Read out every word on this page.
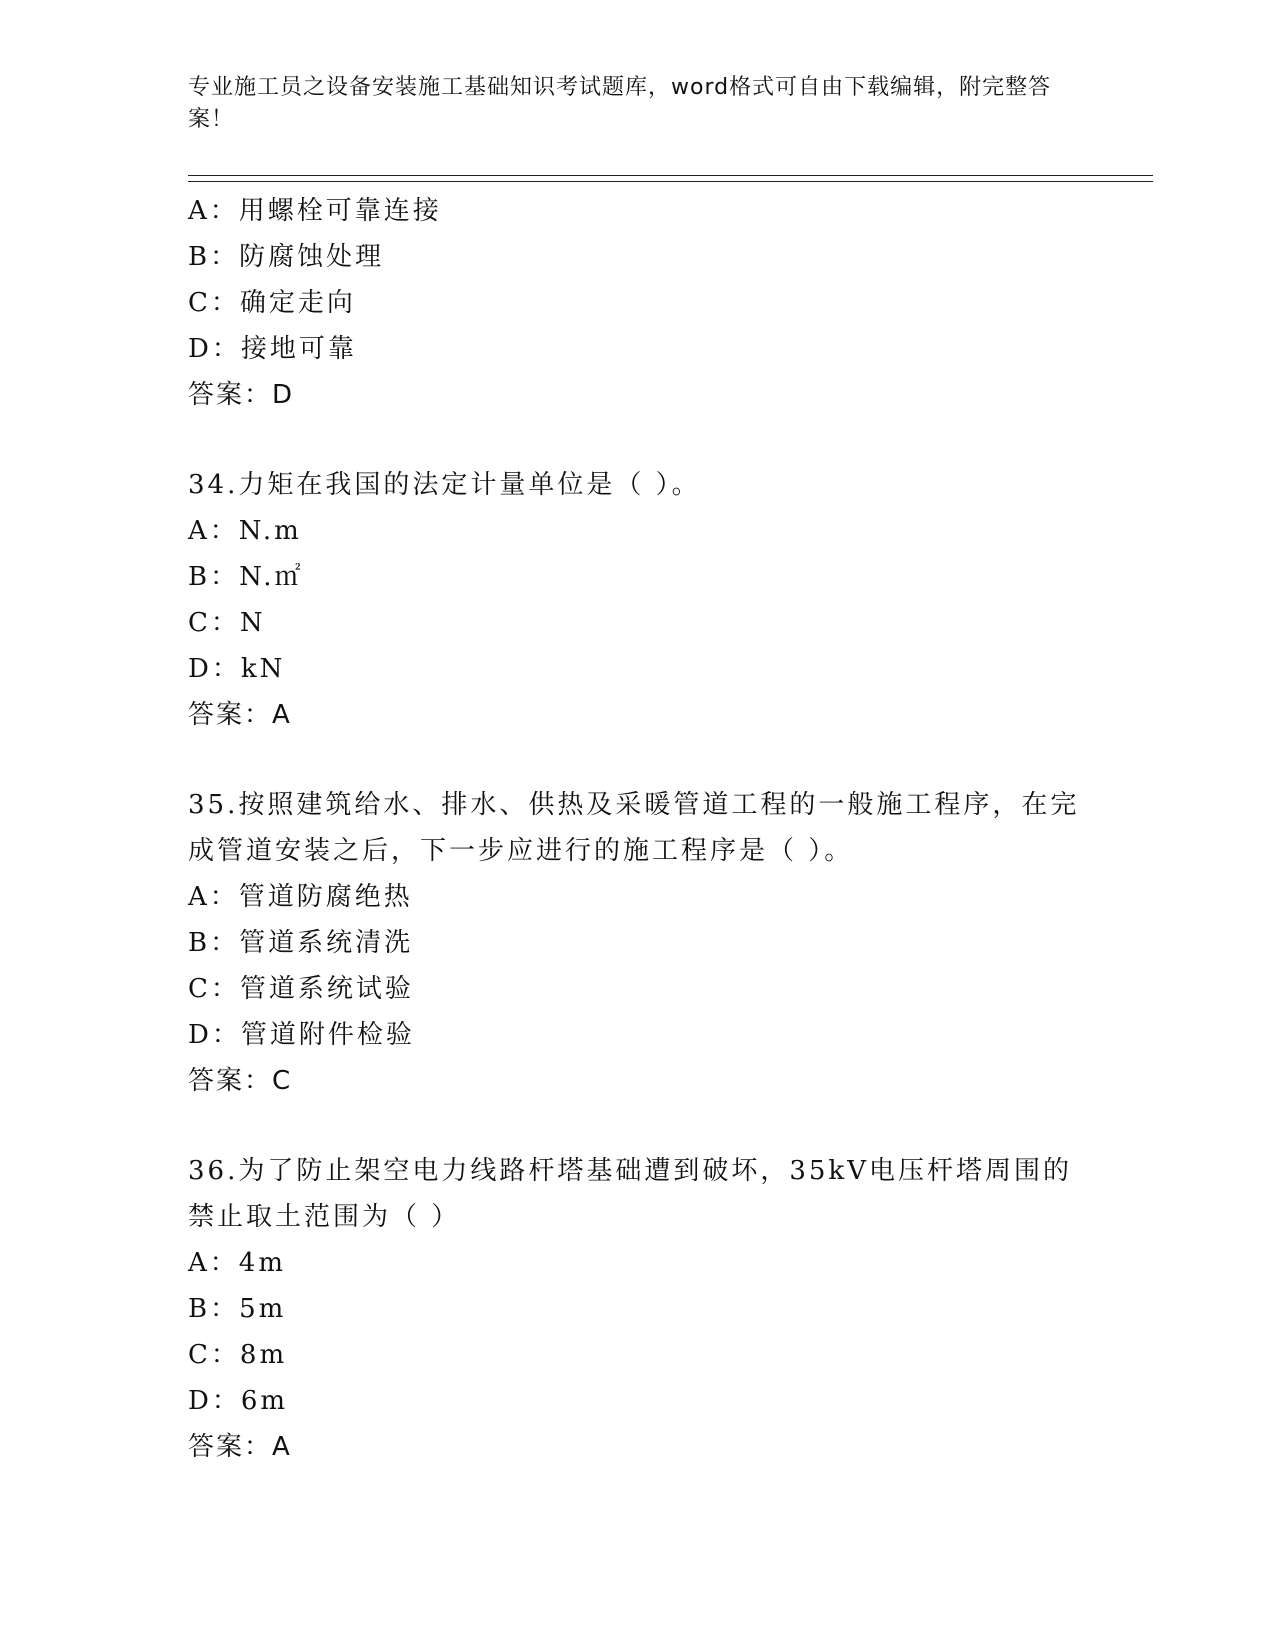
专业施工员之设备安装施工基础知识考试题库，word格式可自由下载编辑，附完整答案！
A：用螺栓可靠连接
B：防腐蚀处理
C：确定走向
D：接地可靠
答案：D
34.力矩在我国的法定计量单位是（ ）。
A：N.m
B：N.㎡
C：N
D：kN
答案：A
35.按照建筑给水、排水、供热及采暖管道工程的一般施工程序，在完成管道安装之后，下一步应进行的施工程序是（ ）。
A：管道防腐绝热
B：管道系统清洗
C：管道系统试验
D：管道附件检验
答案：C
36.为了防止架空电力线路杆塔基础遭到破坏，35kV电压杆塔周围的禁止取土范围为（ ）
A：4m
B：5m
C：8m
D：6m
答案：A
